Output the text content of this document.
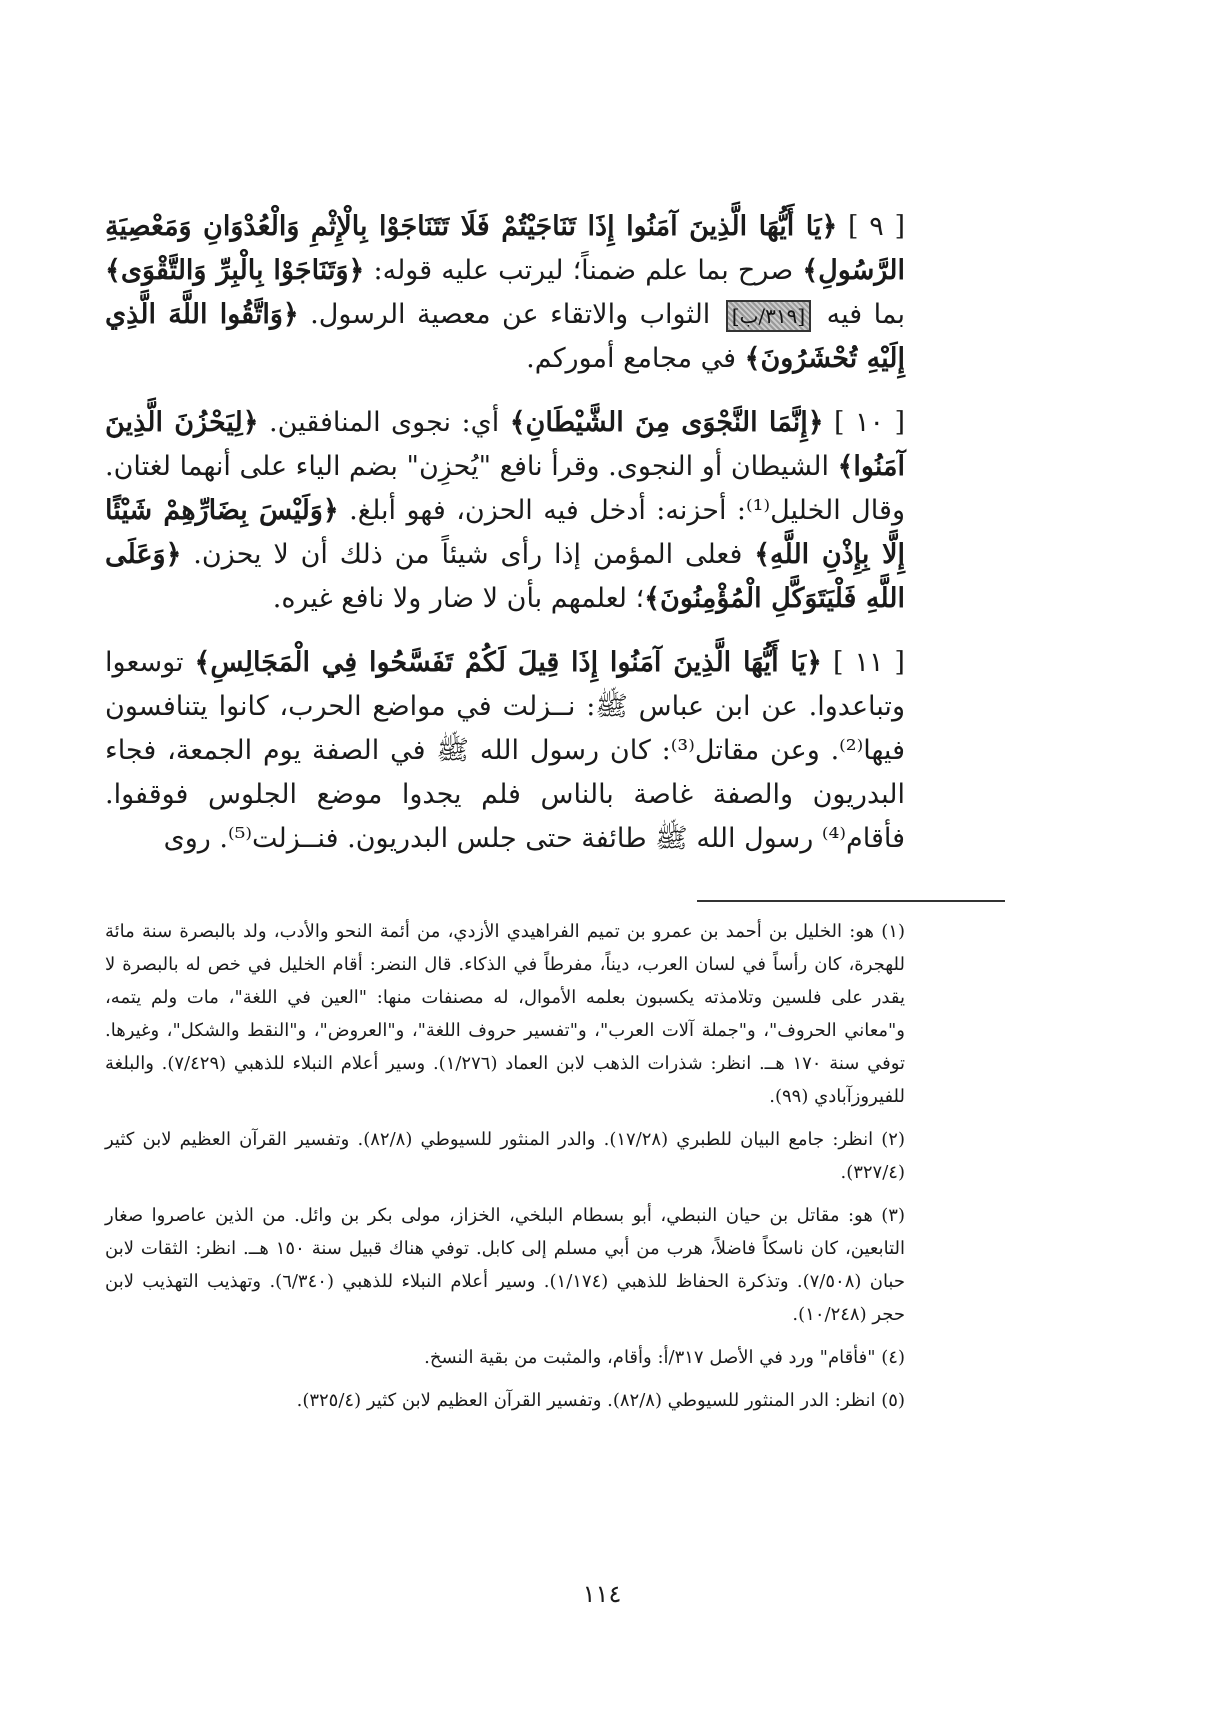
[ ٩ ] ﴿يَا أَيُّهَا الَّذِينَ آمَنُوا إِذَا تَنَاجَيْتُمْ فَلَا تَتَنَاجَوْا بِالْإِثْمِ وَالْعُدْوَانِ وَمَعْصِيَةِ الرَّسُولِ﴾ صرح بما علم ضمناً؛ ليرتب عليه قوله: ﴿وَتَنَاجَوْا بِالْبِرِّ وَالتَّقْوَى﴾ بما فيه [٣١٩/ب] الثواب والاتقاء عن معصية الرسول. ﴿وَاتَّقُوا اللَّهَ الَّذِي إِلَيْهِ تُحْشَرُونَ﴾ في مجامع أموركم.

[ ١٠ ] ﴿إِنَّمَا النَّجْوَى مِنَ الشَّيْطَانِ﴾ أي: نجوى المنافقين. ﴿لِيَحْزُنَ الَّذِينَ آمَنُوا﴾ الشيطان أو النجوى. وقرأ نافع "يُحزِن" بضم الياء على أنهما لغتان. وقال الخليل⁽¹⁾: أحزنه: أدخل فيه الحزن، فهو أبلغ. ﴿وَلَيْسَ بِضَارِّهِمْ شَيْئًا إِلَّا بِإِذْنِ اللَّهِ﴾ فعلى المؤمن إذا رأى شيئاً من ذلك أن لا يحزن. ﴿وَعَلَى اللَّهِ فَلْيَتَوَكَّلِ الْمُؤْمِنُونَ﴾؛ لعلمهم بأن لا ضار ولا نافع غيره.

[ ١١ ] ﴿يَا أَيُّهَا الَّذِينَ آمَنُوا إِذَا قِيلَ لَكُمْ تَفَسَّحُوا فِي الْمَجَالِسِ﴾ توسعوا وتباعدوا. عن ابن عباس ﷺ: نــزلت في مواضع الحرب، كانوا يتنافسون فيها⁽²⁾. وعن مقاتل⁽³⁾: كان رسول الله ﷺ في الصفة يوم الجمعة، فجاء البدريون والصفة غاصة بالناس فلم يجدوا موضع الجلوس فوقفوا. فأقام⁽⁴⁾ رسول الله ﷺ طائفة حتى جلس البدريون. فنــزلت⁽⁵⁾. روى

(١) هو: الخليل بن أحمد بن عمرو بن تميم الفراهيدي الأزدي، من أئمة النحو والأدب، ولد بالبصرة سنة مائة للهجرة، كان رأساً في لسان العرب، ديناً، مفرطاً في الذكاء. قال النضر: أقام الخليل في خص له بالبصرة لا يقدر على فلسين وتلامذته يكسبون بعلمه الأموال، له مصنفات منها: "العين في اللغة"، مات ولم يتمه، و"معاني الحروف"، و"جملة آلات العرب"، و"تفسير حروف اللغة"، و"العروض"، و"النقط والشكل"، وغيرها. توفي سنة ١٧٠ هــ. انظر: شذرات الذهب لابن العماد (١/٢٧٦). وسير أعلام النبلاء للذهبي (٧/٤٢٩). والبلغة للفيروزآبادي (٩٩).

(٢) انظر: جامع البيان للطبري (١٧/٢٨). والدر المنثور للسيوطي (٨٢/٨). وتفسير القرآن العظيم لابن كثير (٣٢٧/٤).

(٣) هو: مقاتل بن حيان النبطي، أبو بسطام البلخي، الخزاز، مولى بكر بن وائل. من الذين عاصروا صغار التابعين، كان ناسكاً فاضلاً، هرب من أبي مسلم إلى كابل. توفي هناك قبيل سنة ١٥٠ هــ. انظر: الثقات لابن حبان (٧/٥٠٨). وتذكرة الحفاظ للذهبي (١/١٧٤). وسير أعلام النبلاء للذهبي (٦/٣٤٠). وتهذيب التهذيب لابن حجر (١٠/٢٤٨).

(٤) "فأقام" ورد في الأصل ٣١٧/أ: وأقام، والمثبت من بقية النسخ.

(٥) انظر: الدر المنثور للسيوطي (٨٢/٨). وتفسير القرآن العظيم لابن كثير (٣٢٥/٤).

١١٤
